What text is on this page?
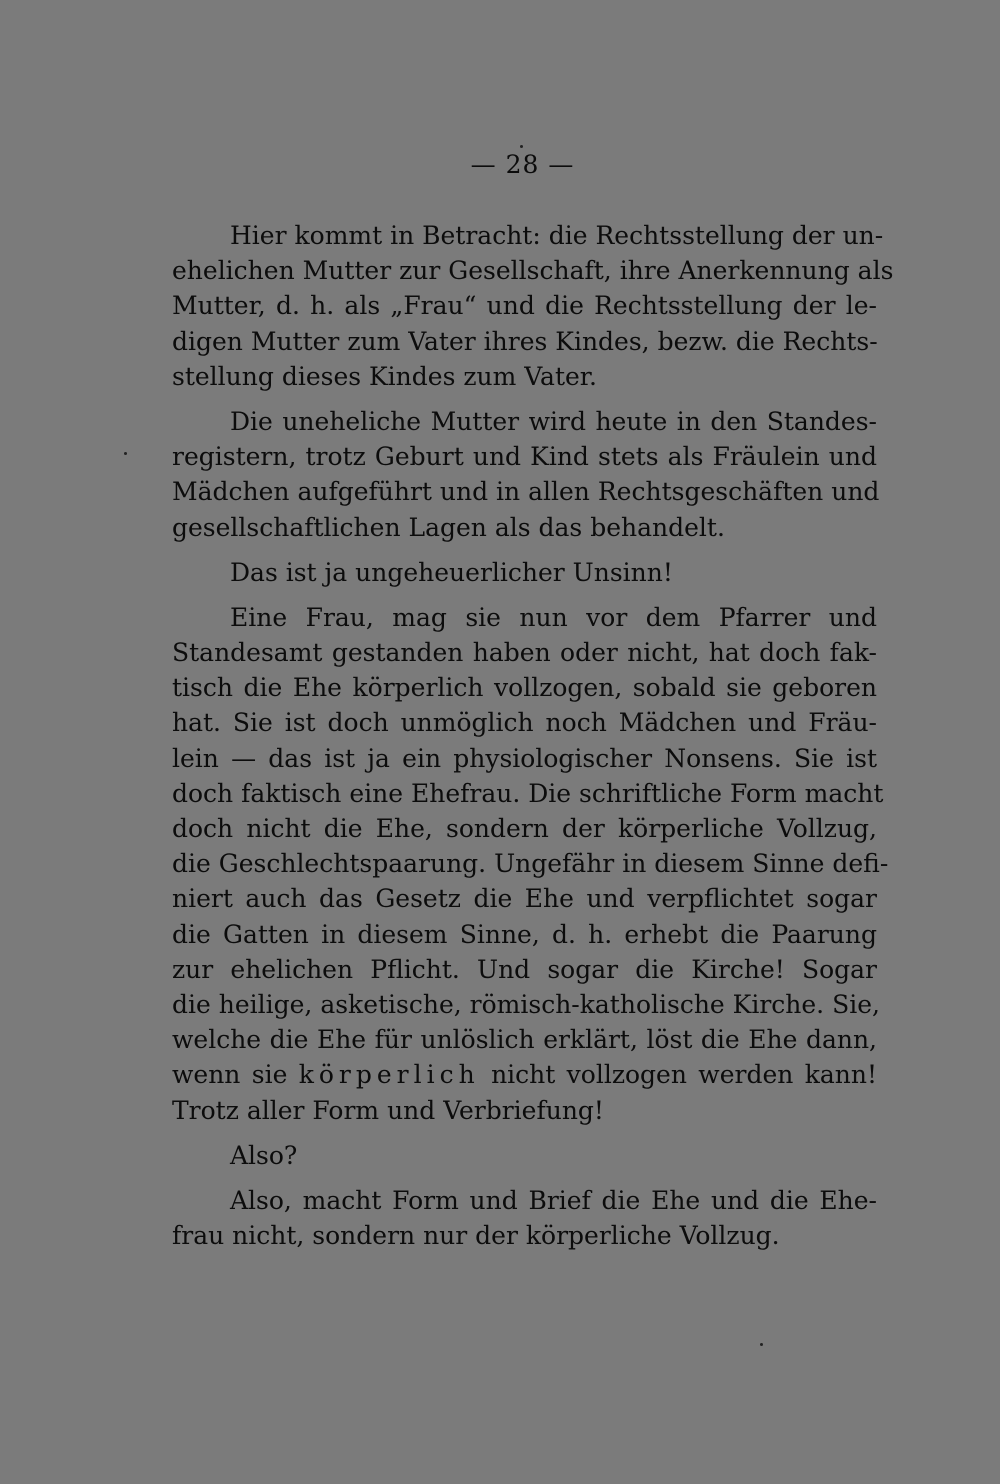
— 28 —
Hier kommt in Betracht: die Rechtsstellung der un-
ehelichen Mutter zur Gesellschaft, ihre Anerkennung als
Mutter, d. h. als „Frau“ und die Rechtsstellung der le-
digen Mutter zum Vater ihres Kindes, bezw. die Rechts-
stellung dieses Kindes zum Vater.
Die uneheliche Mutter wird heute in den Standes-
registern, trotz Geburt und Kind stets als Fräulein und
Mädchen aufgeführt und in allen Rechtsgeschäften und
gesellschaftlichen Lagen als das behandelt.
Das ist ja ungeheuerlicher Unsinn!
Eine Frau, mag sie nun vor dem Pfarrer und
Standesamt gestanden haben oder nicht, hat doch fak-
tisch die Ehe körperlich vollzogen, sobald sie geboren
hat. Sie ist doch unmöglich noch Mädchen und Fräu-
lein — das ist ja ein physiologischer Nonsens. Sie ist
doch faktisch eine Ehefrau. Die schriftliche Form macht
doch nicht die Ehe, sondern der körperliche Vollzug,
die Geschlechtspaarung. Ungefähr in diesem Sinne defi-
niert auch das Gesetz die Ehe und verpflichtet sogar
die Gatten in diesem Sinne, d. h. erhebt die Paarung
zur ehelichen Pflicht. Und sogar die Kirche! Sogar
die heilige, asketische, römisch-katholische Kirche. Sie,
welche die Ehe für unlöslich erklärt, löst die Ehe dann,
wenn sie körperlich nicht vollzogen werden kann!
Trotz aller Form und Verbriefung!
Also?
Also, macht Form und Brief die Ehe und die Ehe-
frau nicht, sondern nur der körperliche Vollzug.
